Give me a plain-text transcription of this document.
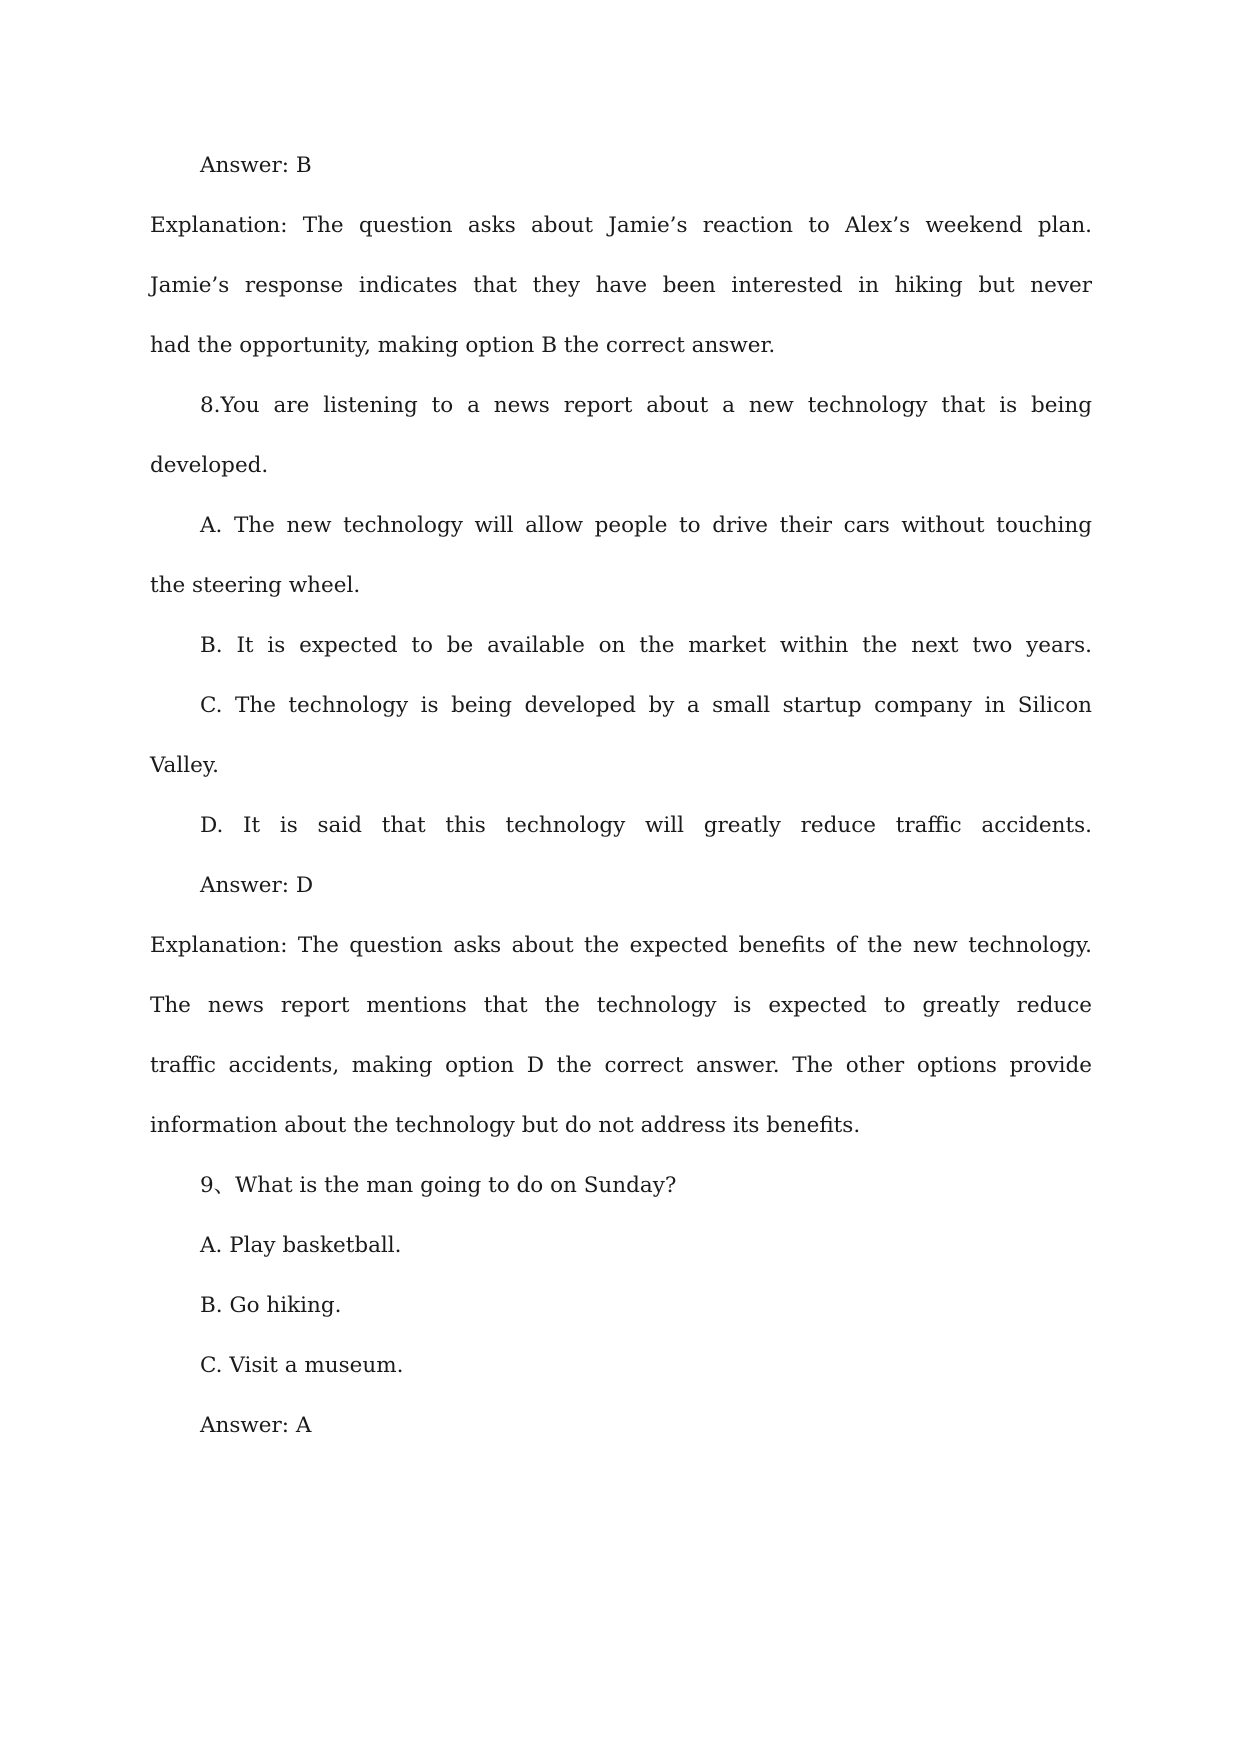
Answer: B
Explanation: The question asks about Jamie’s reaction to Alex’s weekend plan.
Jamie’s response indicates that they have been interested in hiking but never
had the opportunity, making option B the correct answer.
8.You are listening to a news report about a new technology that is being
developed.
A. The new technology will allow people to drive their cars without touching
the steering wheel.
B. It is expected to be available on the market within the next two years.
C. The technology is being developed by a small startup company in Silicon
Valley.
D. It is said that this technology will greatly reduce traffic accidents.
Answer: D
Explanation: The question asks about the expected benefits of the new technology.
The news report mentions that the technology is expected to greatly reduce
traffic accidents, making option D the correct answer. The other options provide
information about the technology but do not address its benefits.
9、What is the man going to do on Sunday?
A. Play basketball.
B. Go hiking.
C. Visit a museum.
Answer: A
